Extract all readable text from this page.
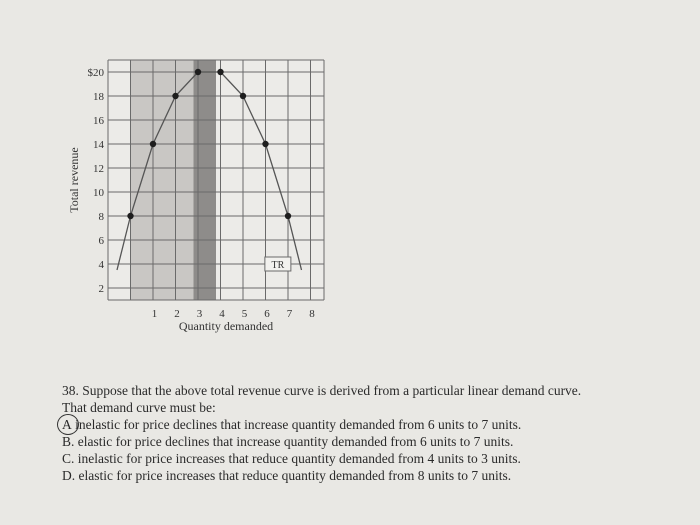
$20
18
16
14
12
10
8
6
4
2
1 2 3 4 5 6 7 8
TR
Total revenue
Quantity demanded
38. Suppose that the above total revenue curve is derived from a particular linear demand curve.
That demand curve must be:
A inelastic for price declines that increase quantity demanded from 6 units to 7 units.
B. elastic for price declines that increase quantity demanded from 6 units to 7 units.
C. inelastic for price increases that reduce quantity demanded from 4 units to 3 units.
D. elastic for price increases that reduce quantity demanded from 8 units to 7 units.
